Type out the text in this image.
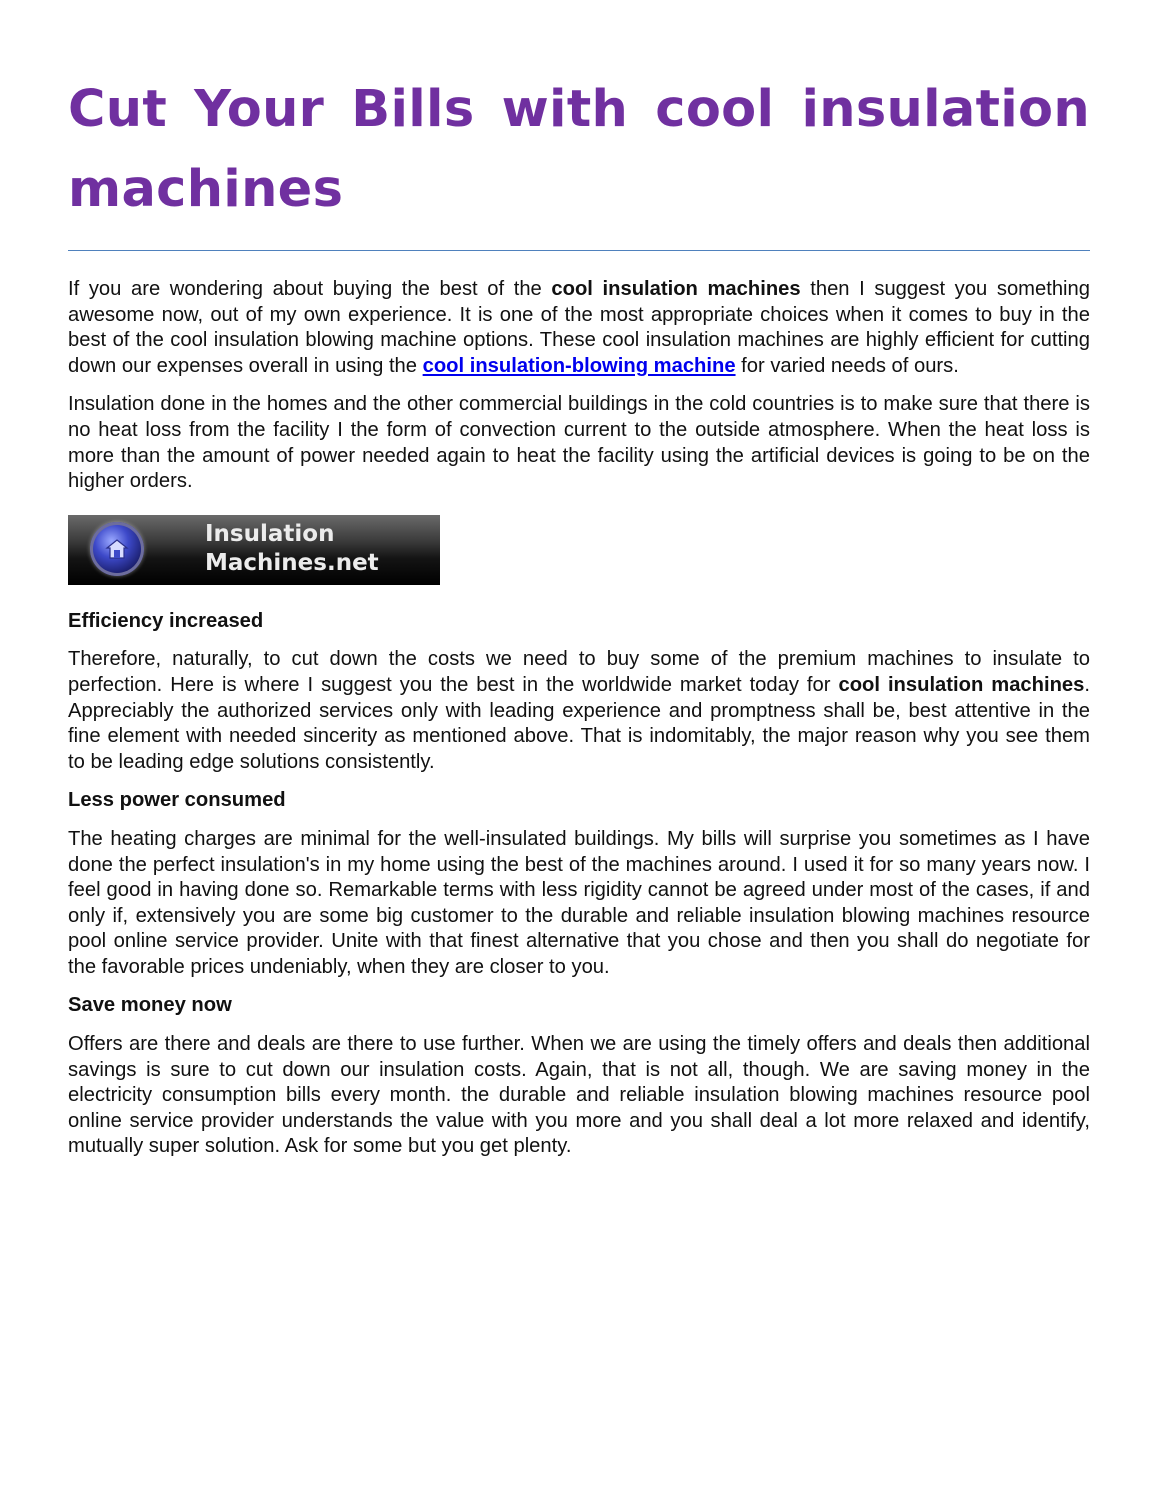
Cut Your Bills with cool insulation machines

If you are wondering about buying the best of the cool insulation machines then I suggest you something awesome now, out of my own experience. It is one of the most appropriate choices when it comes to buy in the best of the cool insulation blowing machine options. These cool insulation machines are highly efficient for cutting down our expenses overall in using the cool insulation-blowing machine for varied needs of ours.

Insulation done in the homes and the other commercial buildings in the cold countries is to make sure that there is no heat loss from the facility I the form of convection current to the outside atmosphere. When the heat loss is more than the amount of power needed again to heat the facility using the artificial devices is going to be on the higher orders.

Insulation
Machines.net

Efficiency increased

Therefore, naturally, to cut down the costs we need to buy some of the premium machines to insulate to perfection. Here is where I suggest you the best in the worldwide market today for cool insulation machines. Appreciably the authorized services only with leading experience and promptness shall be, best attentive in the fine element with needed sincerity as mentioned above. That is indomitably, the major reason why you see them to be leading edge solutions consistently.

Less power consumed

The heating charges are minimal for the well-insulated buildings. My bills will surprise you sometimes as I have done the perfect insulation's in my home using the best of the machines around. I used it for so many years now. I feel good in having done so. Remarkable terms with less rigidity cannot be agreed under most of the cases, if and only if, extensively you are some big customer to the durable and reliable insulation blowing machines resource pool online service provider. Unite with that finest alternative that you chose and then you shall do negotiate for the favorable prices undeniably, when they are closer to you.

Save money now

Offers are there and deals are there to use further. When we are using the timely offers and deals then additional savings is sure to cut down our insulation costs. Again, that is not all, though. We are saving money in the electricity consumption bills every month. the durable and reliable insulation blowing machines resource pool online service provider understands the value with you more and you shall deal a lot more relaxed and identify, mutually super solution. Ask for some but you get plenty.
